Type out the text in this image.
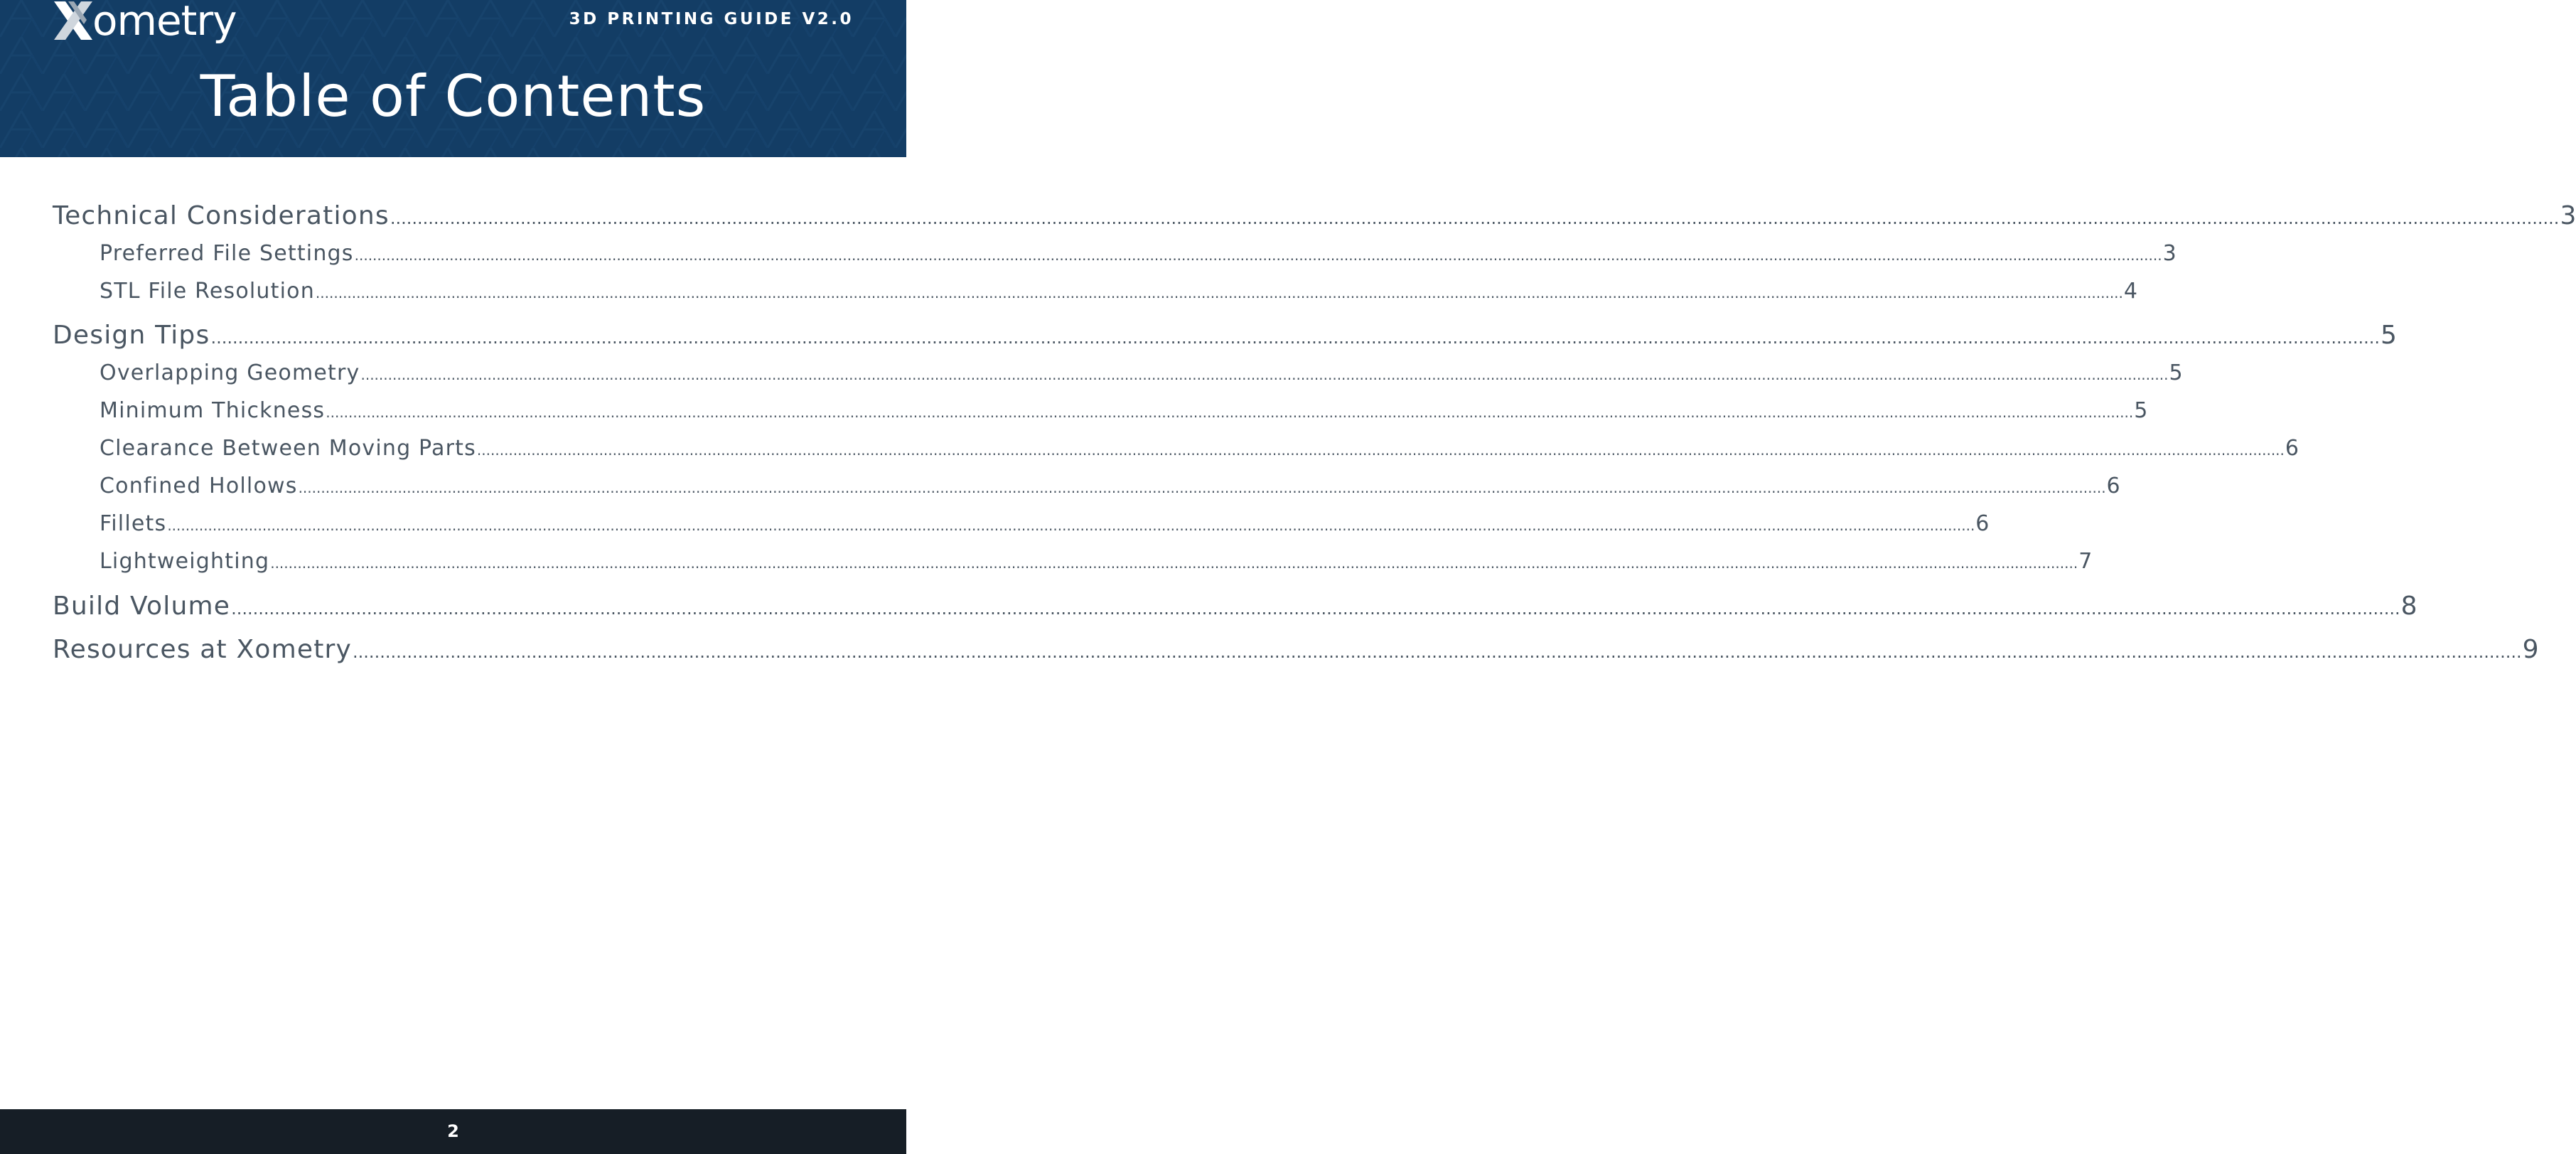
ometry	3D PRINTING GUIDE V2.0
Table of Contents
Technical Considerations ................................................................................................................................................................................................................................................................................................................................................................................................................ 3
Preferred File Settings ................................................................................................................................................................................................................................................................................................................................................................................................................ 3
STL File Resolution ................................................................................................................................................................................................................................................................................................................................................................................................................ 4
Design Tips ................................................................................................................................................................................................................................................................................................................................................................................................................ 5
Overlapping Geometry ................................................................................................................................................................................................................................................................................................................................................................................................................ 5
Minimum Thickness ................................................................................................................................................................................................................................................................................................................................................................................................................ 5
Clearance Between Moving Parts ................................................................................................................................................................................................................................................................................................................................................................................................................ 6
Confined Hollows ................................................................................................................................................................................................................................................................................................................................................................................................................ 6
Fillets ................................................................................................................................................................................................................................................................................................................................................................................................................ 6
Lightweighting ................................................................................................................................................................................................................................................................................................................................................................................................................ 7
Build Volume ................................................................................................................................................................................................................................................................................................................................................................................................................ 8
Resources at Xometry ................................................................................................................................................................................................................................................................................................................................................................................................................ 9
2
